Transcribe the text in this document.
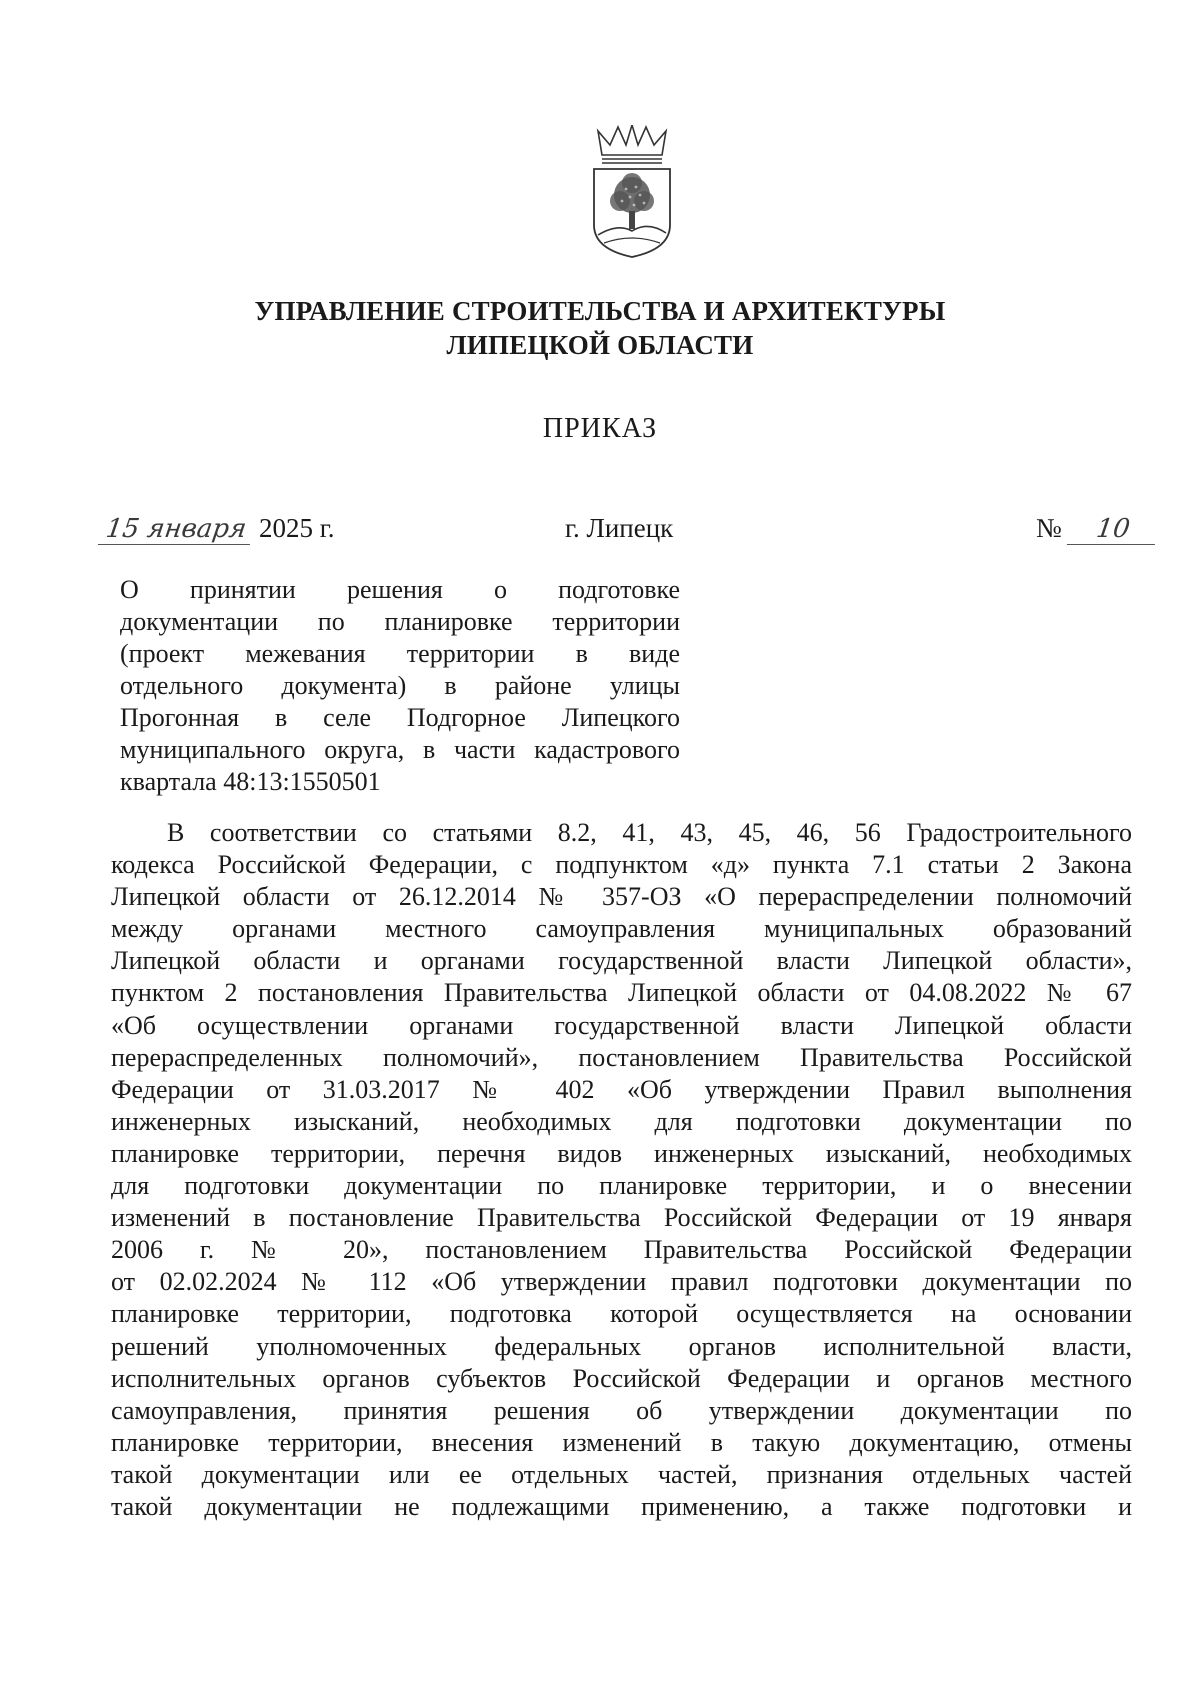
УПРАВЛЕНИЕ СТРОИТЕЛЬСТВА И АРХИТЕКТУРЫ
ЛИПЕЦКОЙ ОБЛАСТИ
ПРИКАЗ
15 января 2025 г.	г. Липецк	№ 10
О принятии решения о подготовке
документации по планировке территории
(проект межевания территории в виде
отдельного документа) в районе улицы
Прогонная в селе Подгорное Липецкого
муниципального округа, в части кадастрового
квартала 48:13:1550501
В соответствии со статьями 8.2, 41, 43, 45, 46, 56 Градостроительного
кодекса Российской Федерации, с подпунктом «д» пункта 7.1 статьи 2 Закона
Липецкой области от 26.12.2014 № 357-ОЗ «О перераспределении полномочий
между органами местного самоуправления муниципальных образований
Липецкой области и органами государственной власти Липецкой области»,
пунктом 2 постановления Правительства Липецкой области от 04.08.2022 № 67
«Об осуществлении органами государственной власти Липецкой области
перераспределенных полномочий», постановлением Правительства Российской
Федерации от 31.03.2017 № 402 «Об утверждении Правил выполнения
инженерных изысканий, необходимых для подготовки документации по
планировке территории, перечня видов инженерных изысканий, необходимых
для подготовки документации по планировке территории, и о внесении
изменений в постановление Правительства Российской Федерации от 19 января
2006 г. № 20», постановлением Правительства Российской Федерации
от 02.02.2024 № 112 «Об утверждении правил подготовки документации по
планировке территории, подготовка которой осуществляется на основании
решений уполномоченных федеральных органов исполнительной власти,
исполнительных органов субъектов Российской Федерации и органов местного
самоуправления, принятия решения об утверждении документации по
планировке территории, внесения изменений в такую документацию, отмены
такой документации или ее отдельных частей, признания отдельных частей
такой документации не подлежащими применению, а также подготовки и
